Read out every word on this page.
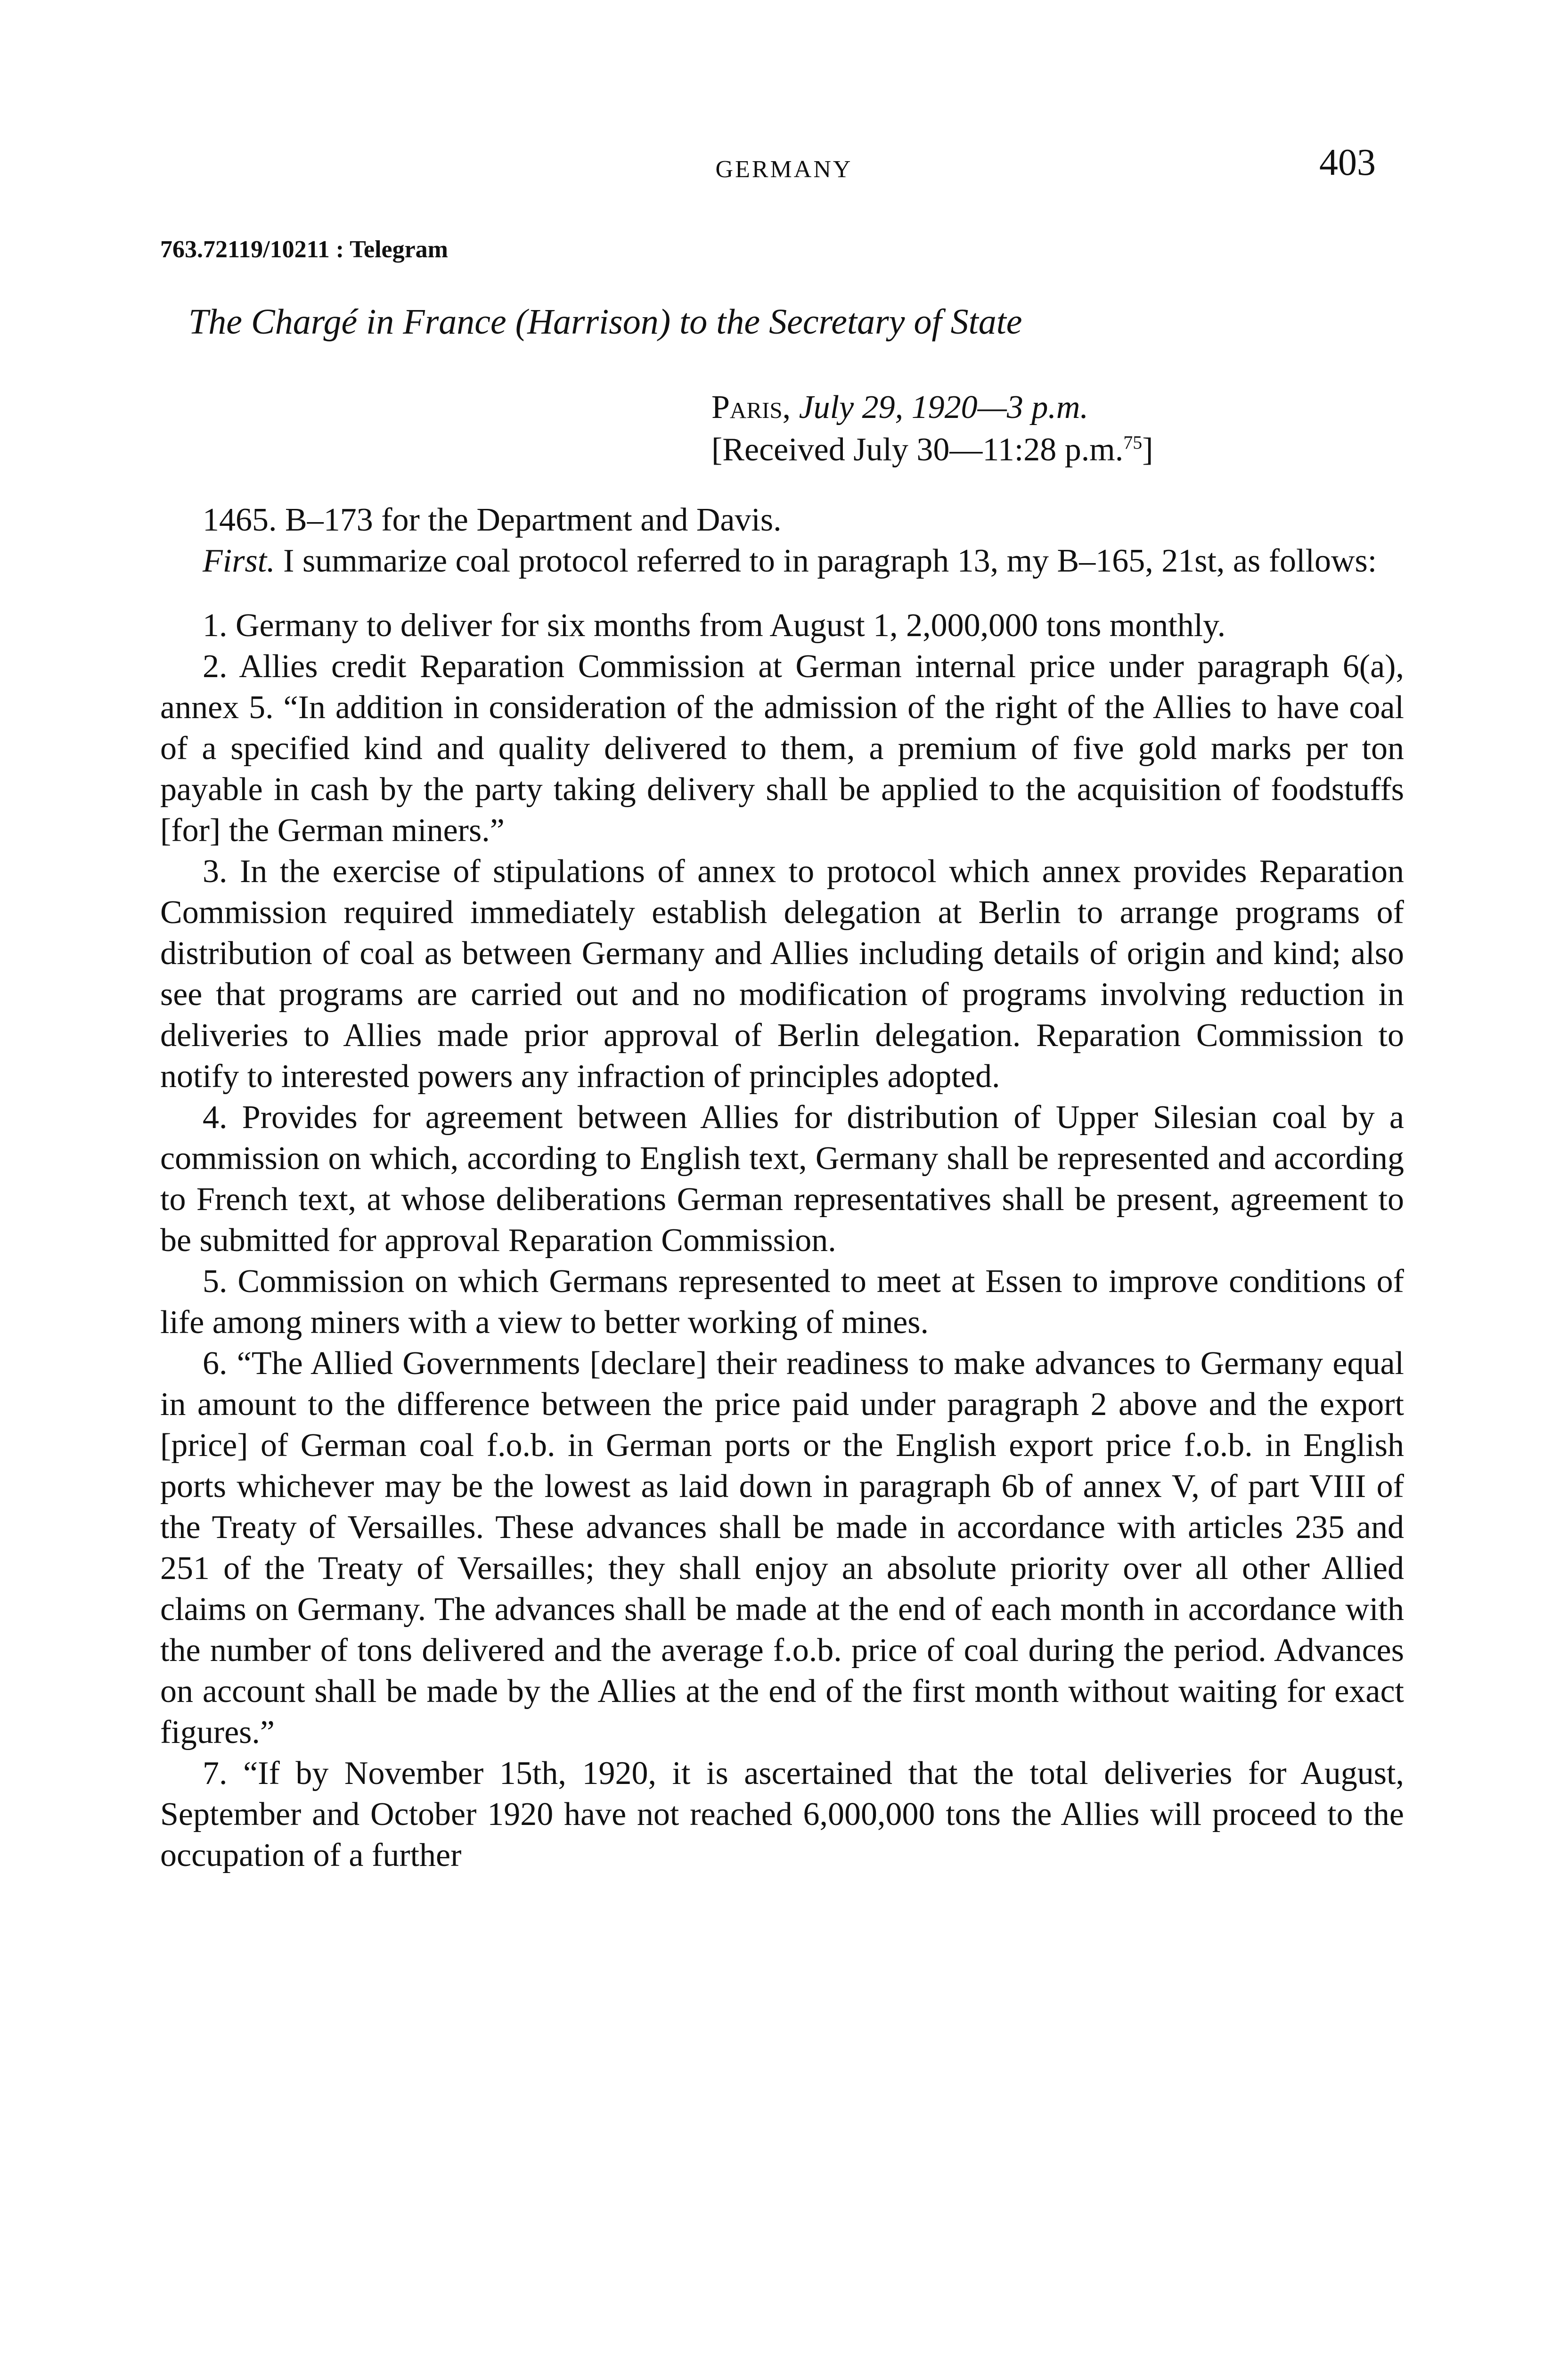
GERMANY	403
763.72119/10211 : Telegram
The Chargé in France (Harrison) to the Secretary of State
Paris, July 29, 1920—3 p.m.
[Received July 30—11:28 p.m.$^{75}$]

1465. B–173 for the Department and Davis.

First. I summarize coal protocol referred to in paragraph 13, my B–165, 21st, as follows:

1. Germany to deliver for six months from August 1, 2,000,000 tons monthly.

2. Allies credit Reparation Commission at German internal price under paragraph 6(a), annex 5. “In addition in consideration of the admission of the right of the Allies to have coal of a specified kind and quality delivered to them, a premium of five gold marks per ton payable in cash by the party taking delivery shall be applied to the acquisition of foodstuffs [for] the German miners.”

3. In the exercise of stipulations of annex to protocol which annex provides Reparation Commission required immediately establish delegation at Berlin to arrange programs of distribution of coal as between Germany and Allies including details of origin and kind; also see that programs are carried out and no modification of programs involving reduction in deliveries to Allies made prior approval of Berlin delegation. Reparation Commission to notify to interested powers any infraction of principles adopted.

4. Provides for agreement between Allies for distribution of Upper Silesian coal by a commission on which, according to English text, Germany shall be represented and according to French text, at whose deliberations German representatives shall be present, agreement to be submitted for approval Reparation Commission.

5. Commission on which Germans represented to meet at Essen to improve conditions of life among miners with a view to better working of mines.

6. “The Allied Governments [declare] their readiness to make advances to Germany equal in amount to the difference between the price paid under paragraph 2 above and the export [price] of German coal f.o.b. in German ports or the English export price f.o.b. in English ports whichever may be the lowest as laid down in paragraph 6b of annex V, of part VIII of the Treaty of Versailles. These advances shall be made in accordance with articles 235 and 251 of the Treaty of Versailles; they shall enjoy an absolute priority over all other Allied claims on Germany. The advances shall be made at the end of each month in accordance with the number of tons delivered and the average f.o.b. price of coal during the period. Advances on account shall be made by the Allies at the end of the first month without waiting for exact figures.”

7. “If by November 15th, 1920, it is ascertained that the total deliveries for August, September and October 1920 have not reached 6,000,000 tons the Allies will proceed to the occupation of a further
